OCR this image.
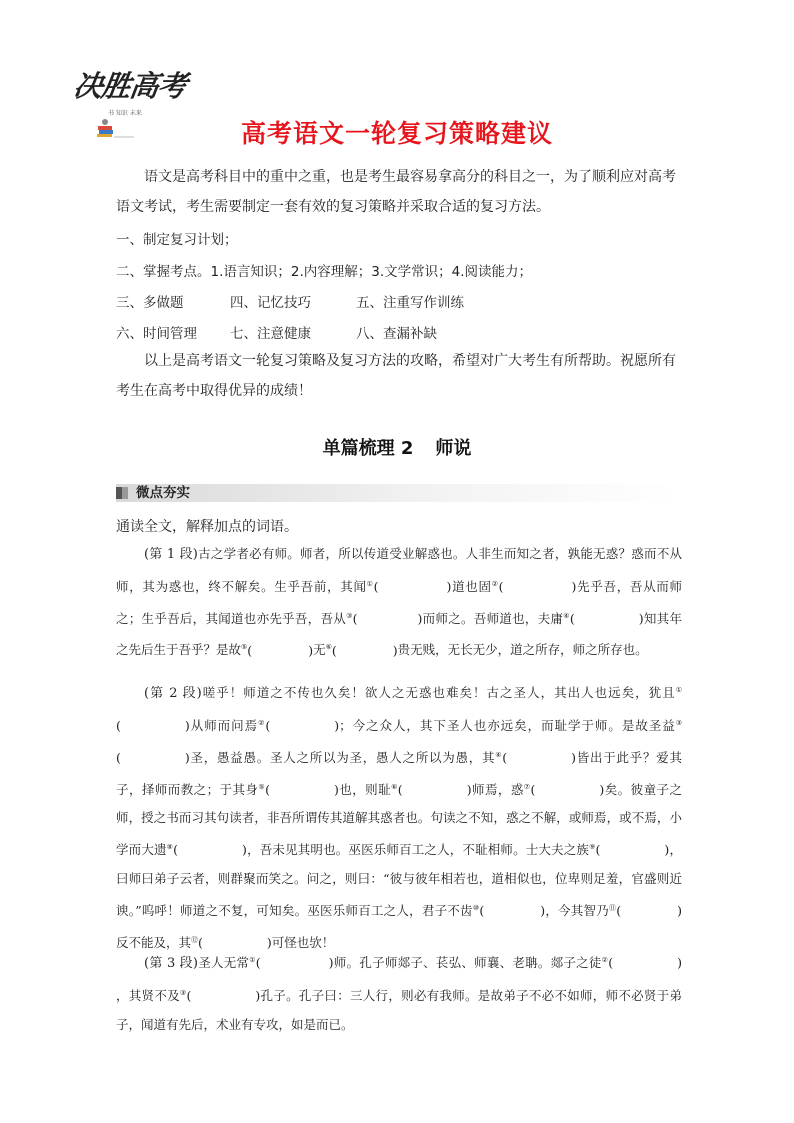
决胜高考
书 知识 未来
高考语文一轮复习策略建议
语文是高考科目中的重中之重，也是考生最容易拿高分的科目之一，为了顺利应对高考语文考试，考生需要制定一套有效的复习策略并采取合适的复习方法。
一、制定复习计划；
二、掌握考点。1.语言知识；2.内容理解；3.文学常识；4.阅读能力；
三、多做题	四、记忆技巧	五、注重写作训练
六、时间管理 七、注意健康	八、查漏补缺
以上是高考语文一轮复习策略及复习方法的攻略，希望对广大考生有所帮助。祝愿所有考生在高考中取得优异的成绩！
单篇梳理 2 师说
微点夯实
通读全文，解释加点的词语。
(第 1 段)古之学者必有师。师者，所以传道受业解惑也。人非生而知之者，孰能无惑？惑而不从师，其为惑也，终不解矣。生乎吾前，其闻①(	)道也固②(	)先乎吾，吾从而师之；生乎吾后，其闻道也亦先乎吾，吾从③(	)而师之。吾师道也，夫庸④(	)知其年之先后生于吾乎？是故⑤(	)无⑥(	)贵无贱，无长无少，道之所存，师之所存也。
(第 2 段)嗟乎！师道之不传也久矣！欲人之无惑也难矣！古之圣人，其出人也远矣，犹且①(	)从师而问焉②(	)；今之众人，其下圣人也亦远矣，而耻学于师。是故圣益③(	)圣，愚益愚。圣人之所以为圣，愚人之所以为愚，其④(	)皆出于此乎？爱其子，择师而教之；于其身⑤(	)也，则耻⑥(	)师焉，惑⑦(	)矣。彼童子之师，授之书而习其句读者，非吾所谓传其道解其惑者也。句读之不知，惑之不解，或师焉，或不焉，小学而大遗⑧(	)，吾未见其明也。巫医乐师百工之人，不耻相师。士大夫之族⑨(	)，曰师曰弟子云者，则群聚而笑之。问之，则曰：“彼与彼年相若也，道相似也，位卑则足羞，官盛则近谀。”呜呼！师道之不复，可知矣。巫医乐师百工之人，君子不齿⑩(	)，今其智乃⑪(	)反不能及，其⑫(	)可怪也欤！
(第 3 段)圣人无常①(	)师。孔子师郯子、苌弘、师襄、老聃。郯子之徒②(	)，其贤不及③(	)孔子。孔子曰：三人行，则必有我师。是故弟子不必不如师，师不必贤于弟子，闻道有先后，术业有专攻，如是而已。
